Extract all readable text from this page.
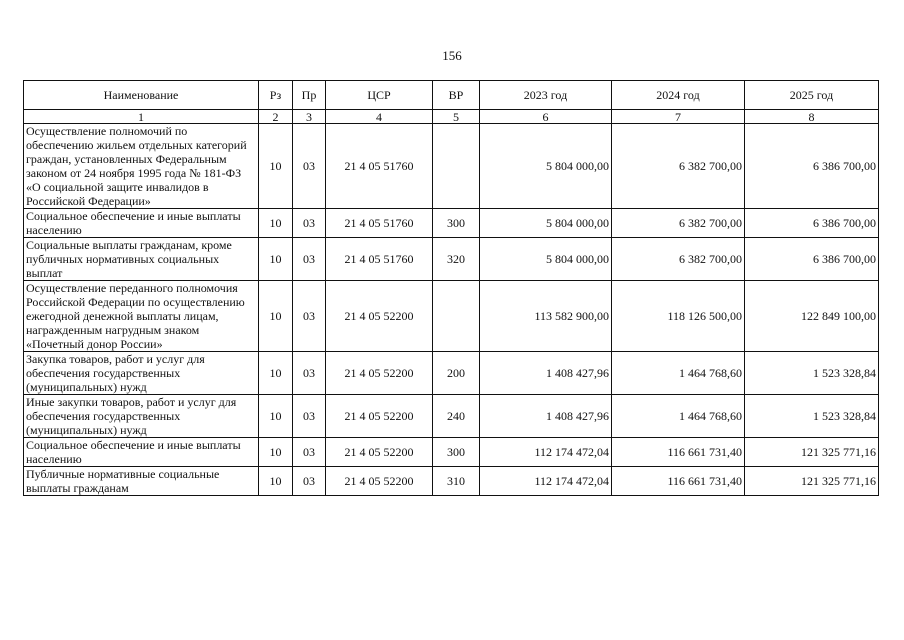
156
Наименование	Рз	Пр	ЦСР	ВР	2023 год	2024 год	2025 год
1	2	3	4	5	6	7	8
Осуществление полномочий по обеспечению жильем отдельных категорий граждан, установленных Федеральным законом от 24 ноября 1995 года № 181-ФЗ «О социальной защите инвалидов в Российской Федерации»	10	03	21 4 05 51760		5 804 000,00	6 382 700,00	6 386 700,00
Социальное обеспечение и иные выплаты населению	10	03	21 4 05 51760	300	5 804 000,00	6 382 700,00	6 386 700,00
Социальные выплаты гражданам, кроме публичных нормативных социальных выплат	10	03	21 4 05 51760	320	5 804 000,00	6 382 700,00	6 386 700,00
Осуществление переданного полномочия Российской Федерации по осуществлению ежегодной денежной выплаты лицам, награжденным нагрудным знаком «Почетный донор России»	10	03	21 4 05 52200		113 582 900,00	118 126 500,00	122 849 100,00
Закупка товаров, работ и услуг для обеспечения государственных (муниципальных) нужд	10	03	21 4 05 52200	200	1 408 427,96	1 464 768,60	1 523 328,84
Иные закупки товаров, работ и услуг для обеспечения государственных (муниципальных) нужд	10	03	21 4 05 52200	240	1 408 427,96	1 464 768,60	1 523 328,84
Социальное обеспечение и иные выплаты населению	10	03	21 4 05 52200	300	112 174 472,04	116 661 731,40	121 325 771,16
Публичные нормативные социальные выплаты гражданам	10	03	21 4 05 52200	310	112 174 472,04	116 661 731,40	121 325 771,16
